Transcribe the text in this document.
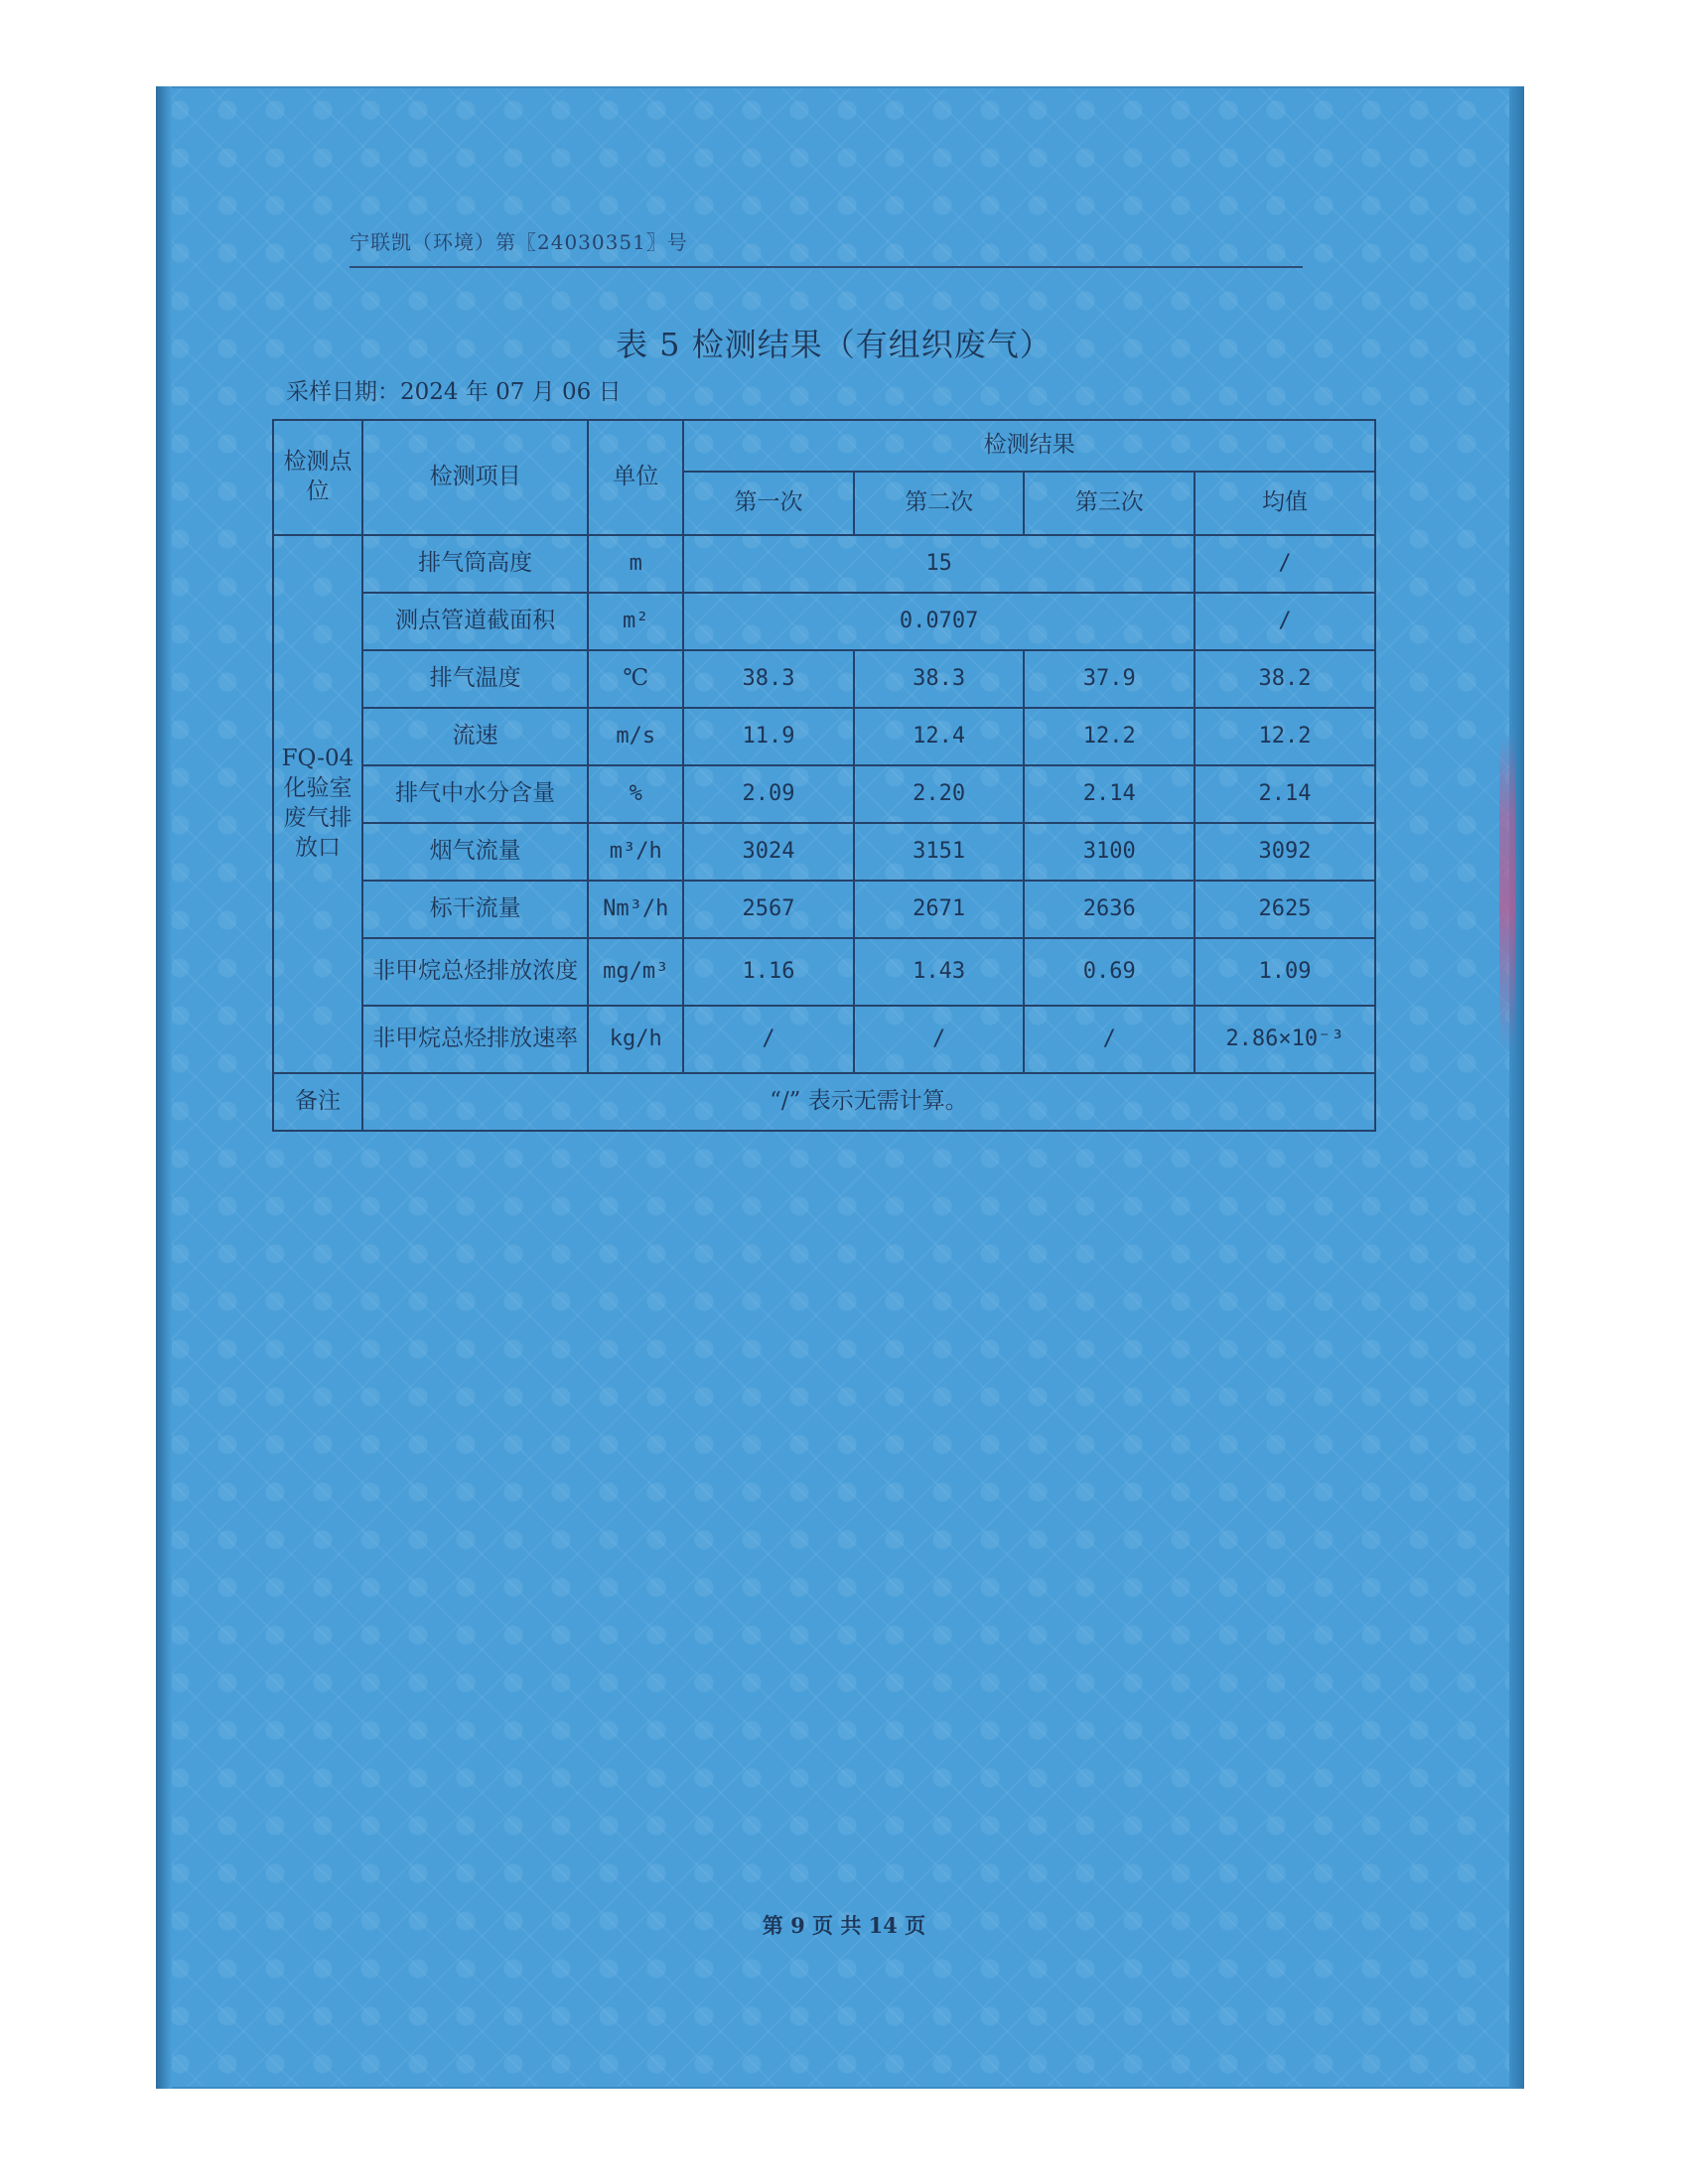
宁联凯（环境）第〖24030351〗号
表 5 检测结果（有组织废气）
采样日期：2024 年 07 月 06 日
检测点位	检测项目	单位	检测结果			
			第一次	第二次	第三次	均值
FQ-04 化验室废气排放口	排气筒高度	m	15			/
	测点管道截面积	m²	0.0707			/
	排气温度	℃	38.3	38.3	37.9	38.2
	流速	m/s	11.9	12.4	12.2	12.2
	排气中水分含量	%	2.09	2.20	2.14	2.14
	烟气流量	m³/h	3024	3151	3100	3092
	标干流量	Nm³/h	2567	2671	2636	2625
	非甲烷总烃排放浓度	mg/m³	1.16	1.43	0.69	1.09
	非甲烷总烃排放速率	kg/h	/	/	/	2.86×10⁻³
备注	“/” 表示无需计算。					
第 9 页 共 14 页
